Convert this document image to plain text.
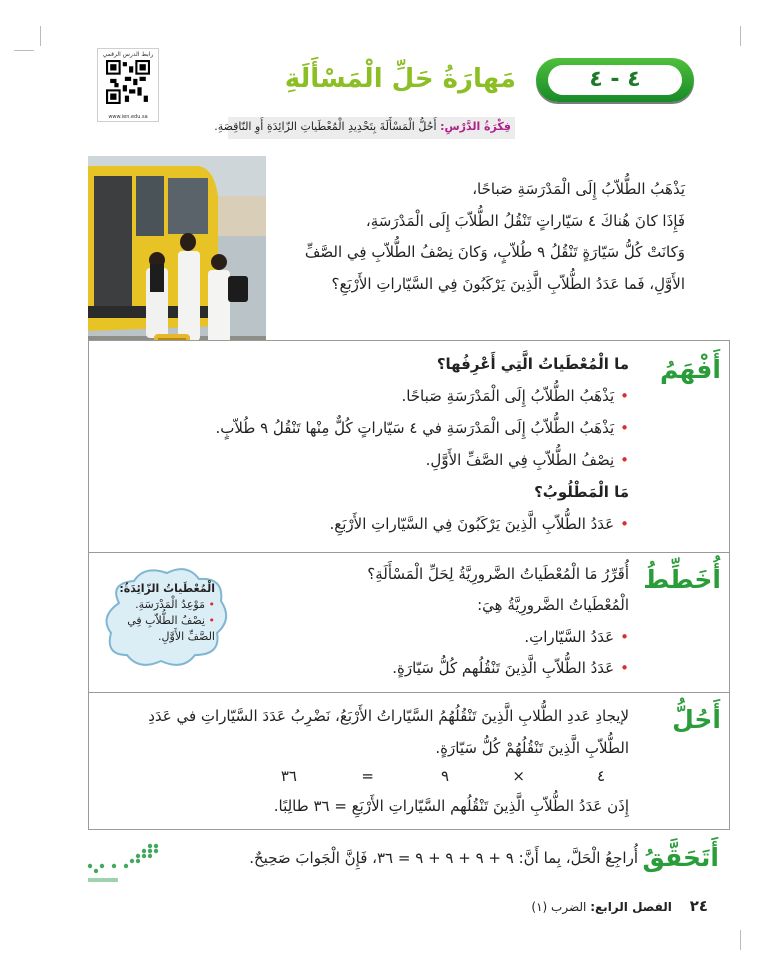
رابط الدرس الرقمي
www.ien.edu.sa
مَهارَةُ حَلِّ الْمَسْأَلَةِ	٤ - ٤
فِكْرَةُ الدَّرْسِ: أَحُلُّ الْمَسْأَلَةَ بِتَحْدِيدِ الْمُعْطَياتِ الزّائِدَةِ أَوِ النّاقِصَةِ.
يَذْهَبُ الطُّلاّبُ إِلَى الْمَدْرَسَةِ صَباحًا،
فَإِذَا كانَ هُناكَ ٤ سَيّاراتٍ تَنْقُلُ الطُّلاّبَ إِلَى الْمَدْرَسَةِ،
وَكانَتْ كُلُّ سَيّارَةٍ تَنْقُلُ ٩ طُلاّبٍ، وَكانَ نِصْفُ الطُّلاّبِ فِي الصَّفِّ
الأَوَّلِ، فَما عَدَدُ الطُّلاّبِ الَّذِينَ يَرْكَبُونَ فِي السَّيّاراتِ الأَرْبَعِ؟
أَفْهَمُ
ما الْمُعْطَياتُ الَّتِي أَعْرِفُها؟
•يَذْهَبُ الطُّلاّبُ إِلَى الْمَدْرَسَةِ صَباحًا.
•يَذْهَبُ الطُّلاّبُ إِلَى الْمَدْرَسَةِ في ٤ سَيّاراتٍ كُلٌّ مِنْها تَنْقُلُ ٩ طُلاّبٍ.
•نِصْفُ الطُّلاّبِ فِي الصَّفِّ الأَوَّلِ.
مَا الْمَطْلُوبُ؟
•عَدَدُ الطُّلاّبِ الَّذِينَ يَرْكَبُونَ فِي السَّيّاراتِ الأَرْبَعِ.
أُخَطِّطُ
أُقَرِّرُ مَا الْمُعْطَياتُ الضَّرورِيَّةُ لِحَلِّ الْمَسْأَلَةِ؟
الْمُعْطَياتُ الضَّرورِيَّةُ هِيَ:
•عَدَدُ السَّيّاراتِ.
•عَدَدُ الطُّلاّبِ الَّذِينَ تَنْقُلُهم كُلُّ سَيّارَةٍ.
الْمُعْطَياتُ الزّائِدَةُ:
• مَوْعِدُ الْمَدْرَسَةِ.
• نِصْفُ الطُّلاّبِ فِي الصَّفِّ الأَوَّلِ.
أَحُلُّ
لإيجادِ عَددِ الطُّلابِ الَّذِينَ تَنْقُلُهُمُ السَّيّاراتُ الأَرْبَعُ، نَضْرِبُ عَدَدَ السَّيّاراتِ في عَدَدِ
الطُّلاّبِ الَّذِينَ تَنْقُلُهُمْ كُلُّ سَيّارَةٍ.
٤
×
٩
=
٣٦
إِذَن عَدَدُ الطُّلاّبِ الَّذِينَ تَنْقُلُهم السَّيّاراتِ الأَرْبَعِ = ٣٦ طالِبًا.
أَتَحَقَّقُ
أُراجِعُ الْحَلَّ، بِما أَنَّ: ٩ + ٩ + ٩ + ٩ = ٣٦، فَإِنَّ الْجَوابَ صَحِيحٌ.
٢٤ الفصل الرابع: الضرب (١)
